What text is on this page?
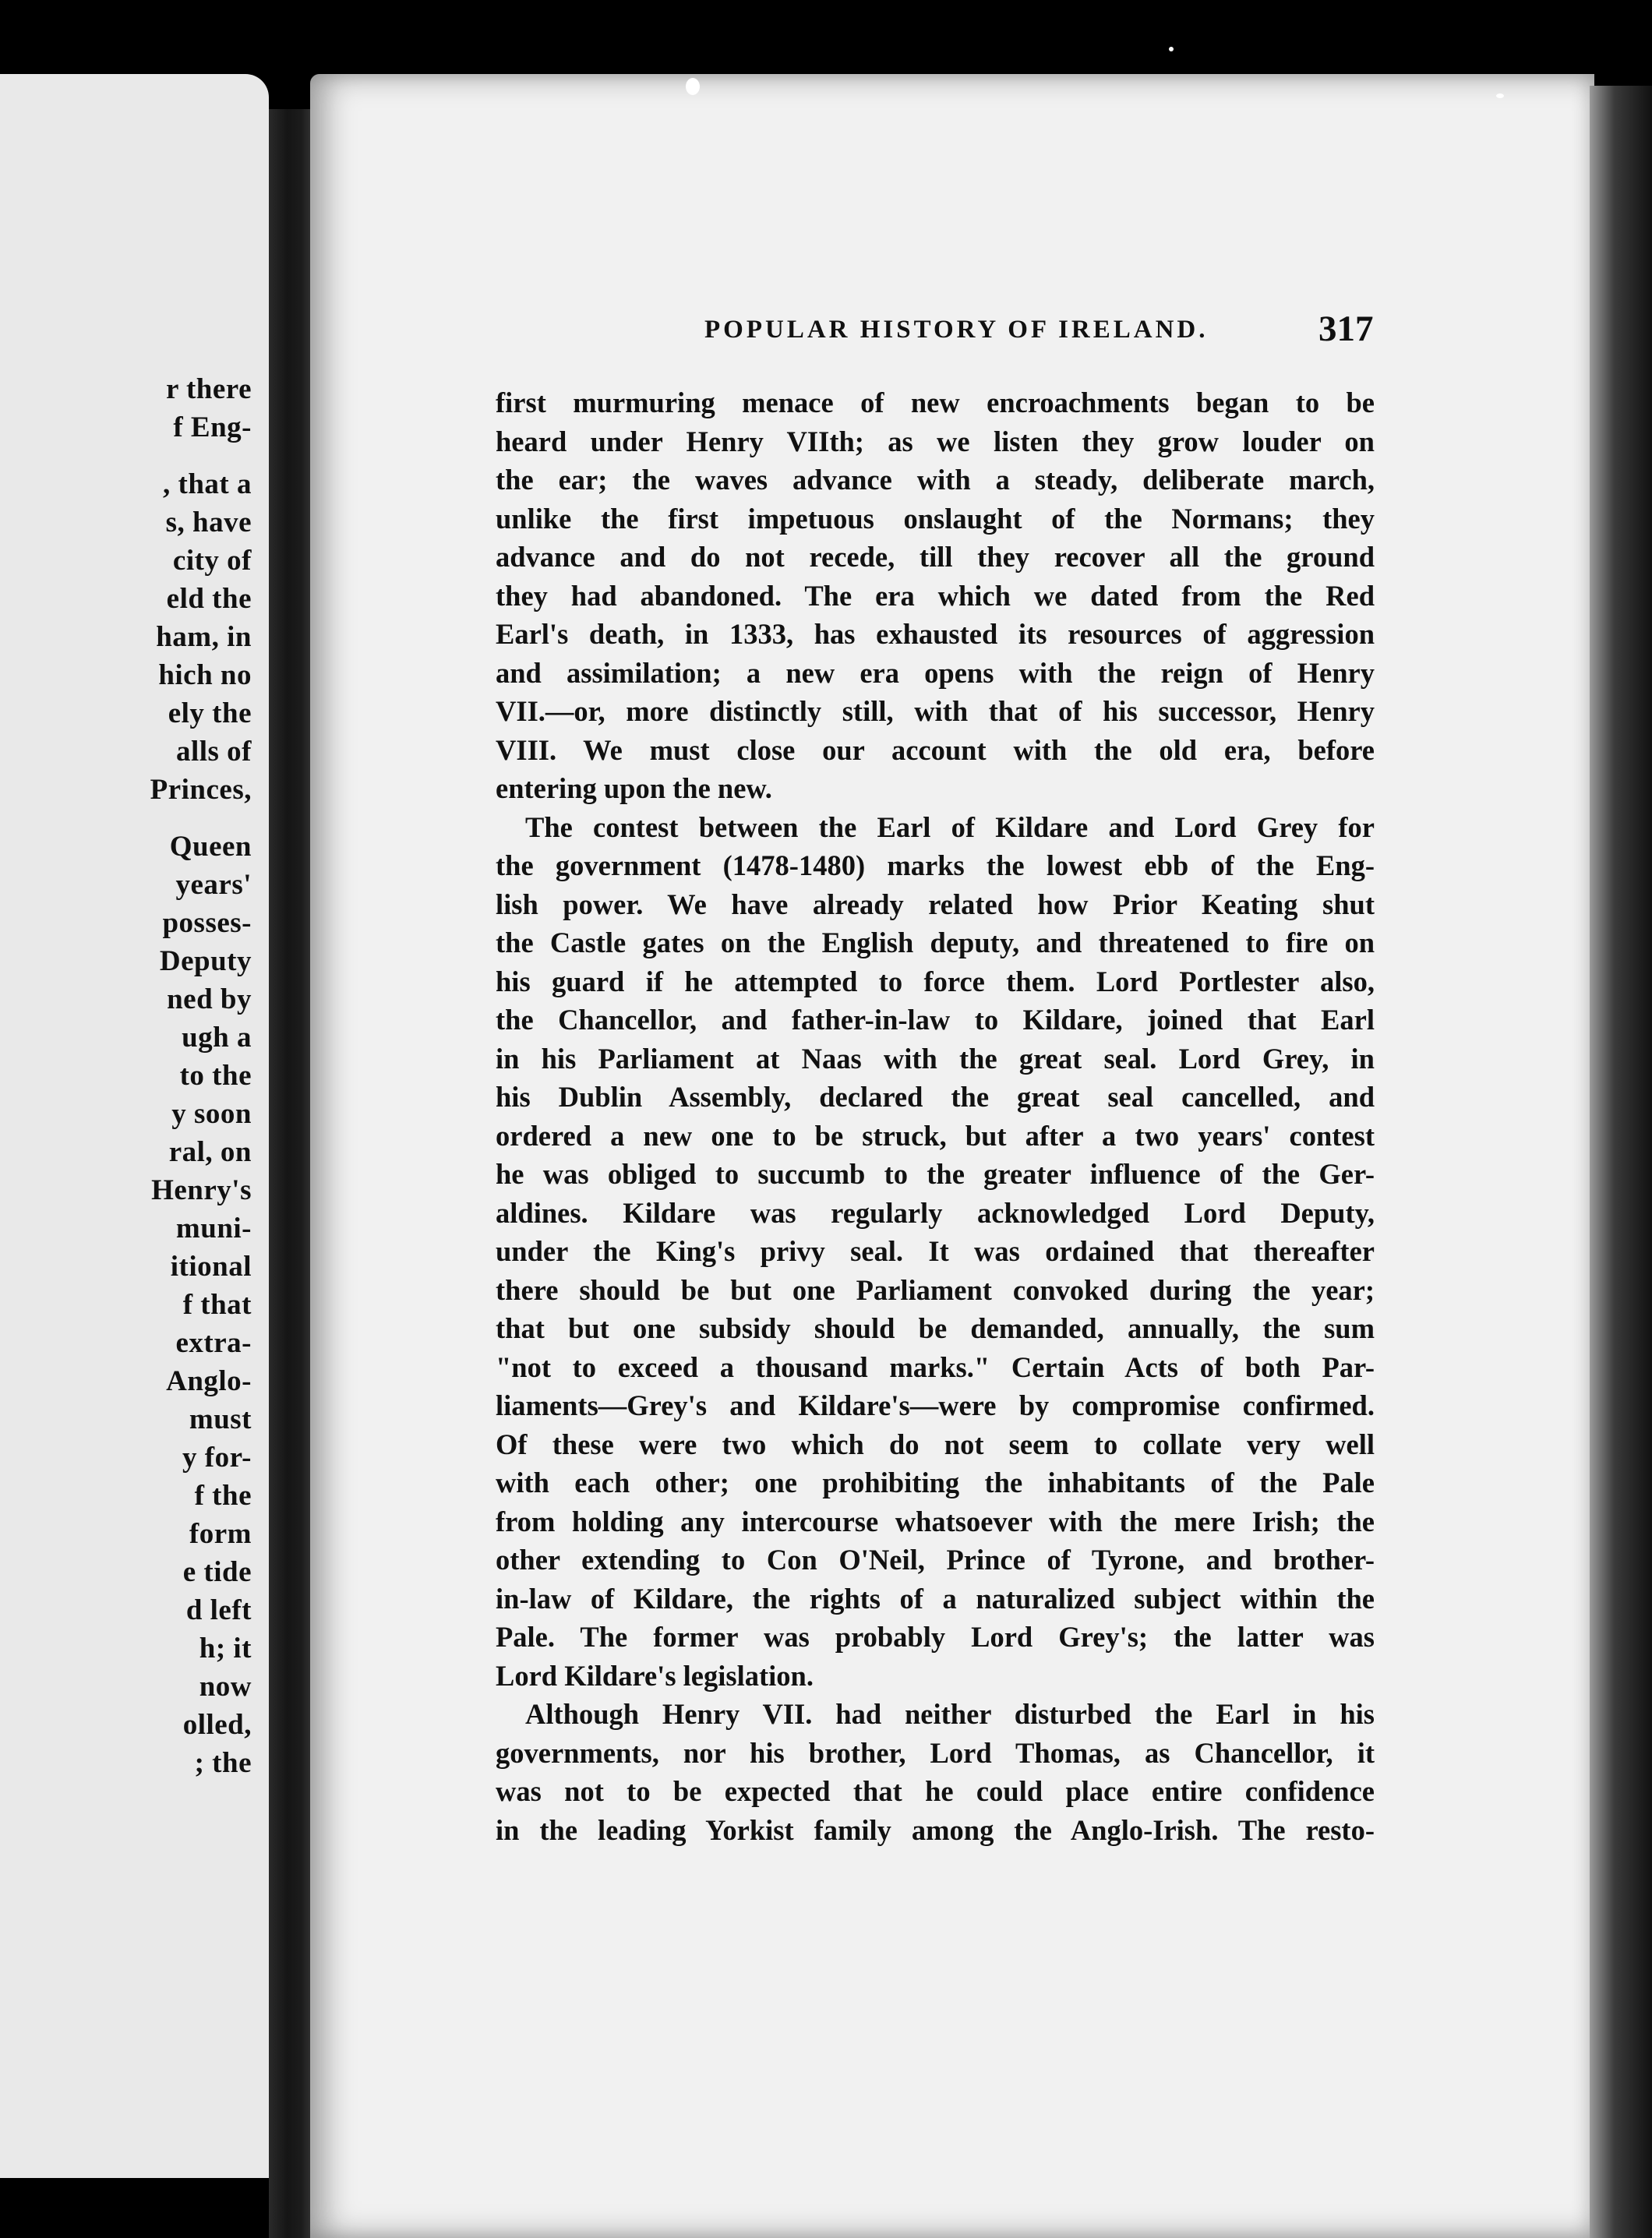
r there
f Eng-
, that a
s, have
city of
eld the
ham, in
hich no
ely the
alls of
Princes,
Queen
years'
posses-
Deputy
ned by
ugh a
to the
y soon
ral, on
Henry's
muni-
itional
f that
extra-
Anglo-
must
y for-
f the
form
e tide
d left
h; it
now
olled,
; the
POPULAR HISTORY OF IRELAND.	317
first murmuring menace of new encroachments began to be
heard under Henry VIIth; as we listen they grow louder on
the ear; the waves advance with a steady, deliberate march,
unlike the first impetuous onslaught of the Normans; they
advance and do not recede, till they recover all the ground
they had abandoned. The era which we dated from the Red
Earl's death, in 1333, has exhausted its resources of aggression
and assimilation; a new era opens with the reign of Henry
VII.—or, more distinctly still, with that of his successor, Henry
VIII. We must close our account with the old era, before
entering upon the new.
The contest between the Earl of Kildare and Lord Grey for
the government (1478-1480) marks the lowest ebb of the Eng-
lish power. We have already related how Prior Keating shut
the Castle gates on the English deputy, and threatened to fire on
his guard if he attempted to force them. Lord Portlester also,
the Chancellor, and father-in-law to Kildare, joined that Earl
in his Parliament at Naas with the great seal. Lord Grey, in
his Dublin Assembly, declared the great seal cancelled, and
ordered a new one to be struck, but after a two years' contest
he was obliged to succumb to the greater influence of the Ger-
aldines. Kildare was regularly acknowledged Lord Deputy,
under the King's privy seal. It was ordained that thereafter
there should be but one Parliament convoked during the year;
that but one subsidy should be demanded, annually, the sum
"not to exceed a thousand marks." Certain Acts of both Par-
liaments—Grey's and Kildare's—were by compromise confirmed.
Of these were two which do not seem to collate very well
with each other; one prohibiting the inhabitants of the Pale
from holding any intercourse whatsoever with the mere Irish; the
other extending to Con O'Neil, Prince of Tyrone, and brother-
in-law of Kildare, the rights of a naturalized subject within the
Pale. The former was probably Lord Grey's; the latter was
Lord Kildare's legislation.
Although Henry VII. had neither disturbed the Earl in his
governments, nor his brother, Lord Thomas, as Chancellor, it
was not to be expected that he could place entire confidence
in the leading Yorkist family among the Anglo-Irish. The resto-
